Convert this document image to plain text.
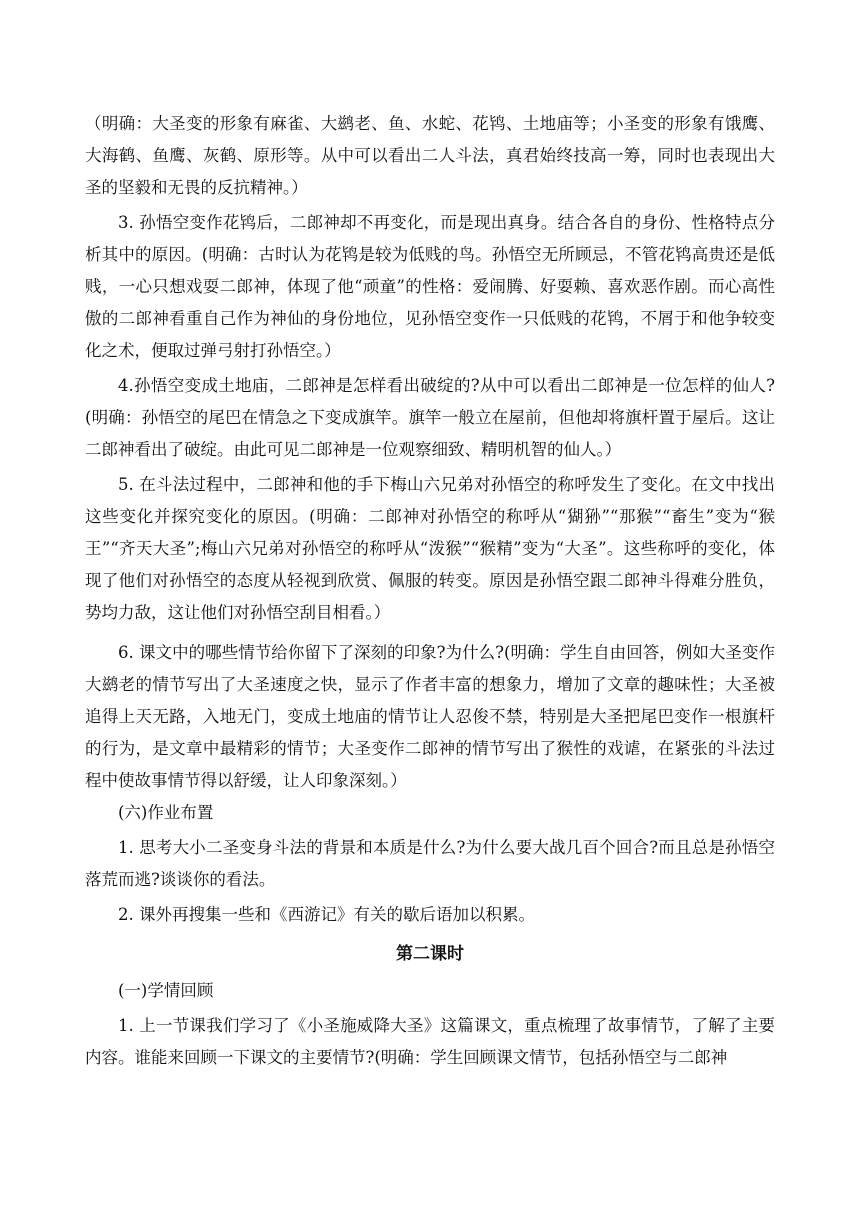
（明确：大圣变的形象有麻雀、大鹚老、鱼、水蛇、花鸨、土地庙等；小圣变的形象有饿鹰、大海鹤、鱼鹰、灰鹤、原形等。从中可以看出二人斗法，真君始终技高一筹，同时也表现出大圣的坚毅和无畏的反抗精神。）

3. 孙悟空变作花鸨后，二郎神却不再变化，而是现出真身。结合各自的身份、性格特点分析其中的原因。(明确：古时认为花鸨是较为低贱的鸟。孙悟空无所顾忌，不管花鸨高贵还是低贱，一心只想戏耍二郎神，体现了他“顽童”的性格：爱闹腾、好耍赖、喜欢恶作剧。而心高性傲的二郎神看重自己作为神仙的身份地位，见孙悟空变作一只低贱的花鸨，不屑于和他争较变化之术，便取过弹弓射打孙悟空。）

4.孙悟空变成土地庙，二郎神是怎样看出破绽的?从中可以看出二郎神是一位怎样的仙人?(明确：孙悟空的尾巴在情急之下变成旗竿。旗竿一般立在屋前，但他却将旗杆置于屋后。这让二郎神看出了破绽。由此可见二郎神是一位观察细致、精明机智的仙人。）

5. 在斗法过程中，二郎神和他的手下梅山六兄弟对孙悟空的称呼发生了变化。在文中找出这些变化并探究变化的原因。(明确：二郎神对孙悟空的称呼从“猢狲”“那猴”“畜生”变为“猴王”“齐天大圣”;梅山六兄弟对孙悟空的称呼从“泼猴”“猴精”变为“大圣”。这些称呼的变化，体现了他们对孙悟空的态度从轻视到欣赏、佩服的转变。原因是孙悟空跟二郎神斗得难分胜负，势均力敌，这让他们对孙悟空刮目相看。）

6. 课文中的哪些情节给你留下了深刻的印象?为什么?(明确：学生自由回答，例如大圣变作大鹚老的情节写出了大圣速度之快，显示了作者丰富的想象力，增加了文章的趣味性；大圣被追得上天无路，入地无门，变成土地庙的情节让人忍俊不禁，特别是大圣把尾巴变作一根旗杆的行为，是文章中最精彩的情节；大圣变作二郎神的情节写出了猴性的戏谑，在紧张的斗法过程中使故事情节得以舒缓，让人印象深刻。）

(六)作业布置

1. 思考大小二圣变身斗法的背景和本质是什么?为什么要大战几百个回合?而且总是孙悟空落荒而逃?谈谈你的看法。

2. 课外再搜集一些和《西游记》有关的歇后语加以积累。

第二课时

(一)学情回顾

1. 上一节课我们学习了《小圣施威降大圣》这篇课文，重点梳理了故事情节，了解了主要内容。谁能来回顾一下课文的主要情节?(明确：学生回顾课文情节，包括孙悟空与二郎神
